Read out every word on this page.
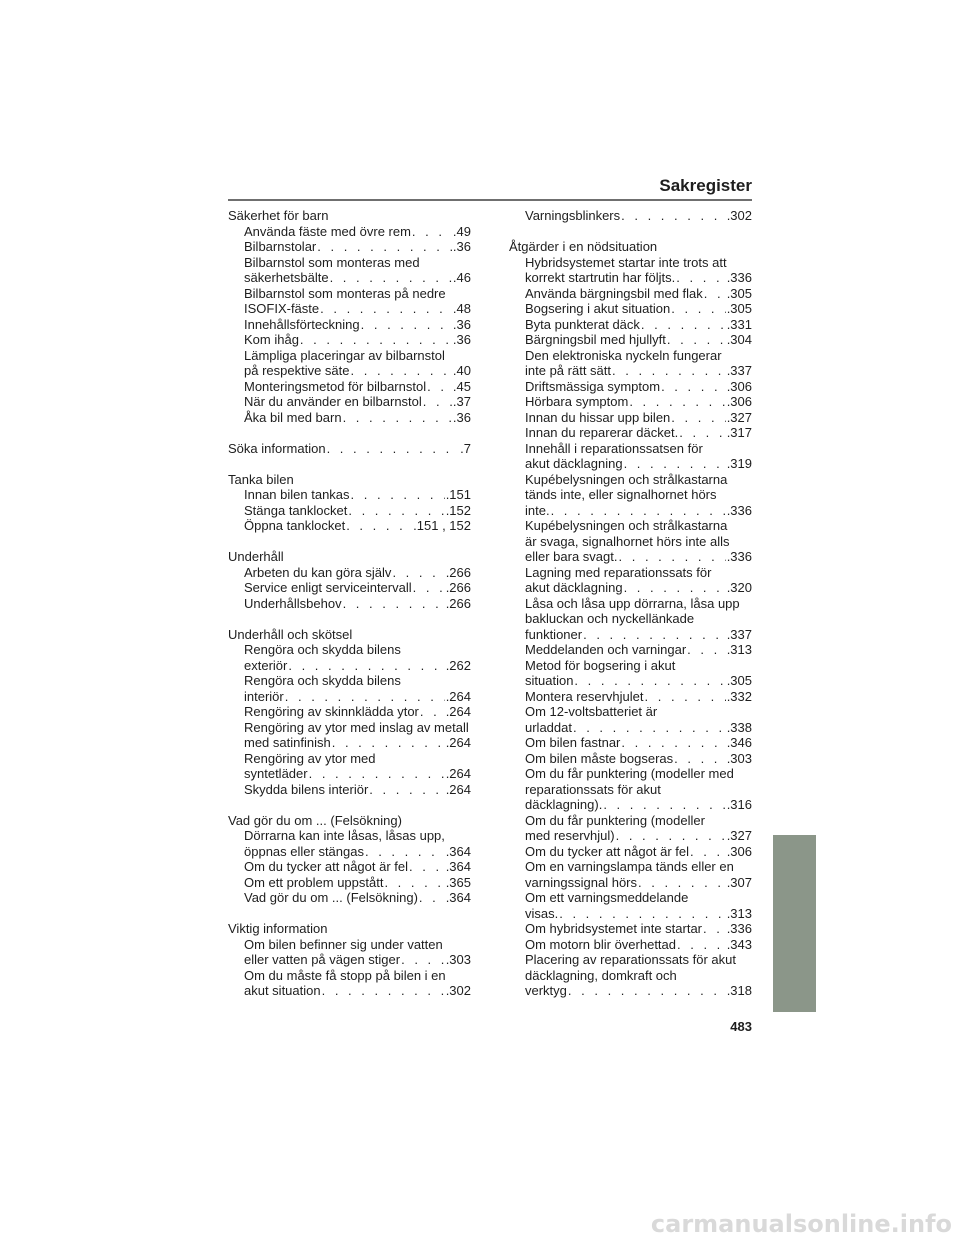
Sakregister
Säkerhet för barn
Använda fäste med övre rem . . .	.49
Bilbarnstolar . . .	.36
Bilbarnstol som monteras med
säkerhetsbälte . . .	.46
Bilbarnstol som monteras på nedre
ISOFIX-fäste . . .	.48
Innehållsförteckning . . .	.36
Kom ihåg . . .	.36
Lämpliga placeringar av bilbarnstol
på respektive säte . . .	.40
Monteringsmetod för bilbarnstol . . . .45
När du använder en bilbarnstol . . . .37
Åka bil med barn . . .	.36
Söka information . . .	.7
Tanka bilen
Innan bilen tankas . . .	.151
Stänga tanklocket . . .	.152
Öppna tanklocket . . .	.151 , 152
Underhåll
Arbeten du kan göra själv . . .	.266
Service enligt serviceintervall . . .	.266
Underhållsbehov . . .	.266
Underhåll och skötsel
Rengöra och skydda bilens
exteriör . . .	.262
Rengöra och skydda bilens
interiör . . .	.264
Rengöring av skinnklädda ytor . . . .264
Rengöring av ytor med inslag av metall
med satinfinish . . .	.264
Rengöring av ytor med
syntetläder . . .	.264
Skydda bilens interiör . . .	.264
Vad gör du om ... (Felsökning)
Dörrarna kan inte låsas, låsas upp,
öppnas eller stängas . . .	.364
Om du tycker att något är fel . . .	.364
Om ett problem uppstått . . .	.365
Vad gör du om ... (Felsökning) . . . .364
Viktig information
Om bilen befinner sig under vatten
eller vatten på vägen stiger . . .	.303
Om du måste få stopp på bilen i en
akut situation . . .	.302
Varningsblinkers . . .	.302
Åtgärder i en nödsituation
Hybridsystemet startar inte trots att
korrekt startrutin har följts. . . .	.336
Använda bärgningsbil med flak . . . .305
Bogsering i akut situation . . .	.305
Byta punkterat däck . . .	.331
Bärgningsbil med hjullyft . . .	.304
Den elektroniska nyckeln fungerar
inte på rätt sätt . . .	.337
Driftsmässiga symptom . . .	.306
Hörbara symptom . . .	.306
Innan du hissar upp bilen . . .	.327
Innan du reparerar däcket. . . .	.317
Innehåll i reparationssatsen för
akut däcklagning . . .	.319
Kupébelysningen och strålkastarna
tänds inte, eller signalhornet hörs
inte. . . .	.336
Kupébelysningen och strålkastarna
är svaga, signalhornet hörs inte alls
eller bara svagt. . . .	.336
Lagning med reparationssats för
akut däcklagning . . .	.320
Låsa och låsa upp dörrarna, låsa upp
bakluckan och nyckellänkade
funktioner . . .	.337
Meddelanden och varningar . . .	.313
Metod för bogsering i akut
situation . . .	.305
Montera reservhjulet . . .	.332
Om 12-voltsbatteriet är
urladdat . . .	.338
Om bilen fastnar . . .	.346
Om bilen måste bogseras . . .	.303
Om du får punktering (modeller med
reparationssats för akut
däcklagning). . . .	.316
Om du får punktering (modeller
med reservhjul) . . .	.327
Om du tycker att något är fel . . .	.306
Om en varningslampa tänds eller en
varningssignal hörs . . .	.307
Om ett varningsmeddelande
visas. . . .	.313
Om hybridsystemet inte startar . . . .336
Om motorn blir överhettad . . .	.343
Placering av reparationssats för akut
däcklagning, domkraft och
verktyg . . .	.318
483
carmanualsonline.info
